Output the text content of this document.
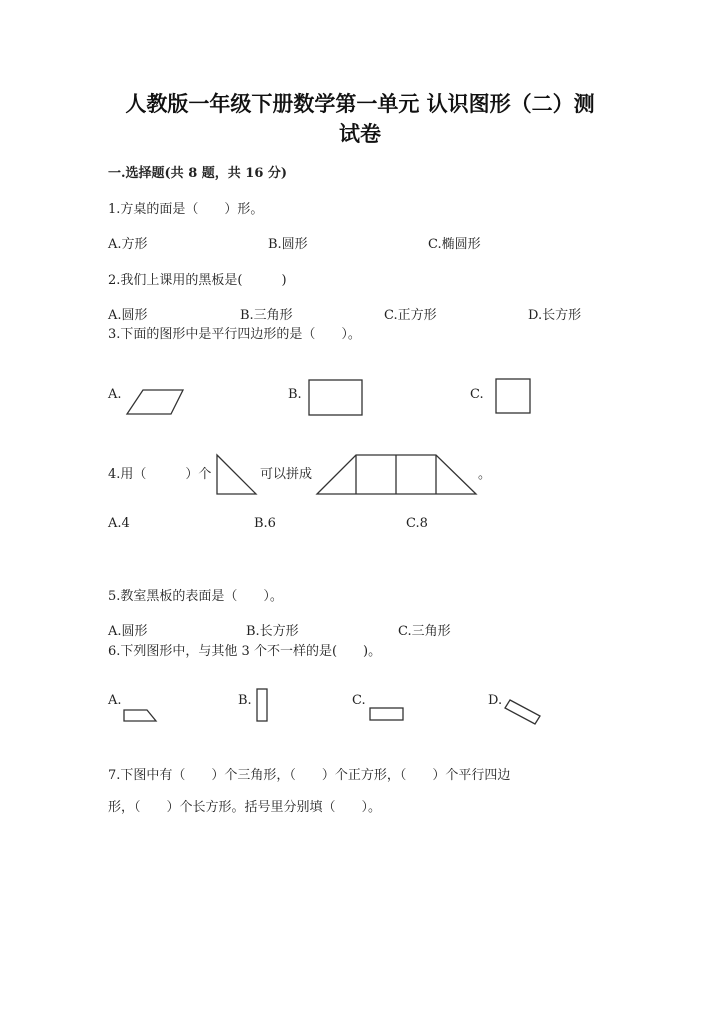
人教版一年级下册数学第一单元 认识图形（二）测
试卷
一.选择题(共 8 题，共 16 分)
1.方桌的面是（　　）形。
A.方形	B.圆形	C.椭圆形
2.我们上课用的黑板是(　　　)
A.圆形	B.三角形	C.正方形	D.长方形
3.下面的图形中是平行四边形的是（　　）。
A.	B.	C.
4.用（　　　）个	可以拼成	。
A.4	B.6	C.8
5.教室黑板的表面是（　　）。
A.圆形	B.长方形	C.三角形
6.下列图形中，与其他 3 个不一样的是(　　)。
A.	B.	C.	D.
7.下图中有（　　）个三角形，（　　）个正方形，（　　）个平行四边
形，（　　）个长方形。括号里分别填（　　）。
